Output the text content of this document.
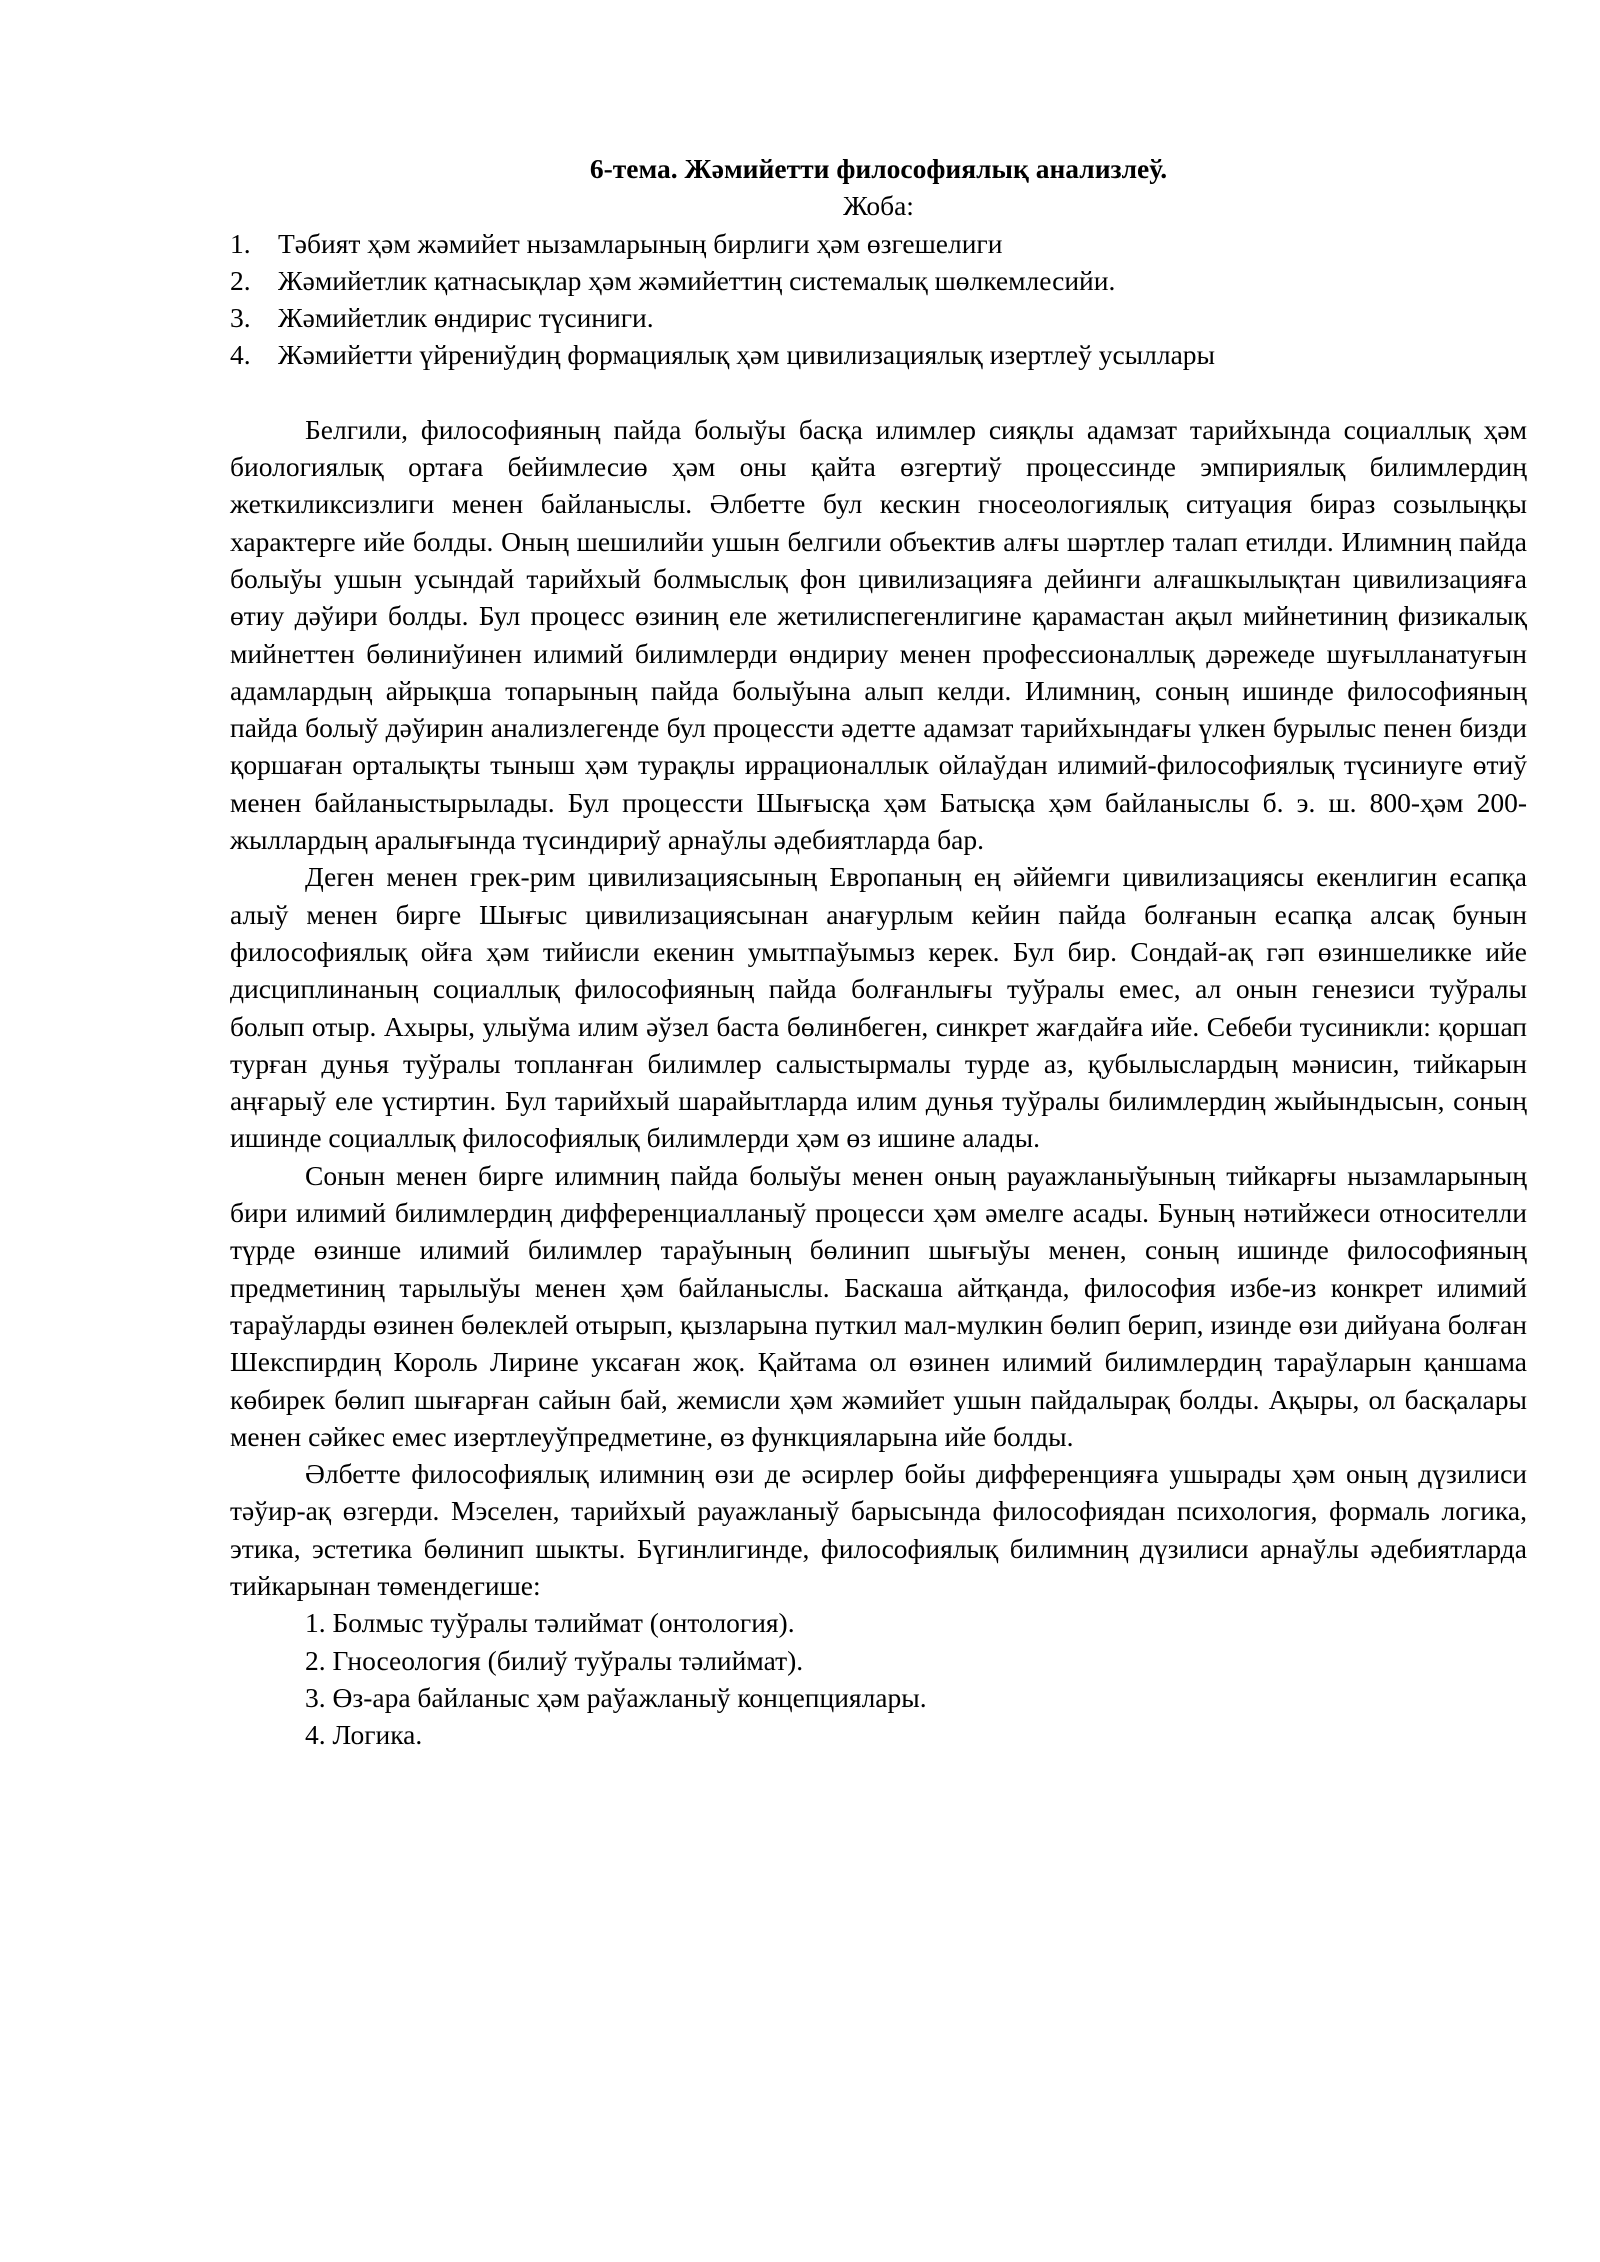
6-тема. Жәмийетти философиялық анализлеў.

Жоба:

1. Тәбият ҳәм жәмийет нызамларының бирлиги ҳәм өзгешелиги
2. Жәмийетлик қатнасықлар ҳәм жәмийеттиң системалық шөлкемлесийи.
3. Жәмийетлик өндирис түсиниги.
4. Жәмийетти үйрениўдиң формациялық ҳәм цивилизациялық изертлеў усыллары

Белгили, философияның пайда болыўы басқа илимлер сияқлы адамзат тарийхында социаллық ҳәм биологиялық ортаға бейимлесиө ҳәм оны қайта өзгертиў процессинде эмпириялық билимлердиң жеткиликсизлиги менен байланыслы. Әлбетте бул кескин гносеологиялық ситуация бираз созылыңқы характерге ийе болды. Оның шешилийи ушын белгили объектив алғы шәртлер талап етилди. Илимниң пайда болыўы ушын усындай тарийхый болмыслық фон цивилизацияға дейинги алғашкылықтан цивилизацияға өтиу дәўири болды. Бул процесс өзиниң еле жетилиспегенлигине қарамастан ақыл мийнетиниң физикалық мийнеттен бөлиниўинен илимий билимлерди өндириу менен профессионаллық дәрежеде шуғылланатуғын адамлардың айрықша топарының пайда болыўына алып келди. Илимниң, соның ишинде философияның пайда болыў дәўирин анализлегенде бул процессти әдетте адамзат тарийхындағы үлкен бурылыс пенен бизди қоршаған орталықты тыныш ҳәм турақлы иррационаллык ойлаўдан илимий-философиялық түсиниуге өтиў менен байланыстырылады. Бул процессти Шығысқа ҳәм Батысқа ҳәм байланыслы б. э. ш. 800-ҳәм 200- жыллардың аралығында түсиндириў арнаўлы әдебиятларда бар.

Деген менен грек-рим цивилизациясының Европаның ең әййемги цивилизациясы екенлигин есапқа алыў менен бирге Шығыс цивилизациясынан анағурлым кейин пайда болғанын есапқа алсақ бунын философиялық ойға ҳәм тийисли екенин умытпаўымыз керек. Бул бир. Сондай-ақ гәп өзиншеликке ийе дисциплинаның социаллық философияның пайда болғанлығы туўралы емес, ал онын генезиси туўралы болып отыр. Ахыры, улыўма илим әўзел баста бөлинбеген, синкрет жағдайға ийе. Себеби тусиникли: қоршап турған дунья туўралы топланған билимлер салыстырмалы турде аз, қубылыслардың мәнисин, тийкарын аңғарыў еле үстиртин. Бул тарийхый шарайытларда илим дунья туўралы билимлердиң жыйындысын, соның ишинде социаллық философиялық билимлерди ҳәм өз ишине алады.

Сонын менен бирге илимниң пайда болыўы менен оның рауажланыўының тийкарғы нызамларының бири илимий билимлердиң дифференциалланыў процесси ҳәм әмелге асады. Буның нәтийжеси относителли түрде өзинше илимий билимлер тараўының бөлинип шығыўы менен, соның ишинде философияның предметиниң тарылыўы менен ҳәм байланыслы. Баскаша айтқанда, философия избе-из конкрет илимий тараўларды өзинен бөлеклей отырып, қызларына путкил мал-мулкин бөлип берип, изинде өзи дийуана болған Шекспирдиң Король Лирине уксаған жоқ. Қайтама ол өзинен илимий билимлердиң тараўларын қаншама көбирек бөлип шығарған сайын бай, жемисли ҳәм жәмийет ушын пайдалырақ болды. Ақыры, ол басқалары менен сәйкес емес изертлеуўпредметине, өз функцияларына ийе болды.

Әлбетте философиялық илимниң өзи де әсирлер бойы дифференцияға ушырады ҳәм оның дүзилиси тәўир-ақ өзгерди. Мэселен, тарийхый рауажланыў барысында философиядан психология, формаль логика, этика, эстетика бөлинип шыкты. Бүгинлигинде, философиялық билимниң дүзилиси арнаўлы әдебиятларда тийкарынан төмендегише:

1. Болмыс туўралы тәлиймат (онтология).
2. Гносеология (билиў туўралы тәлиймат).
3. Өз-ара байланыс ҳәм раўажланыў концепциялары.
4. Логика.
